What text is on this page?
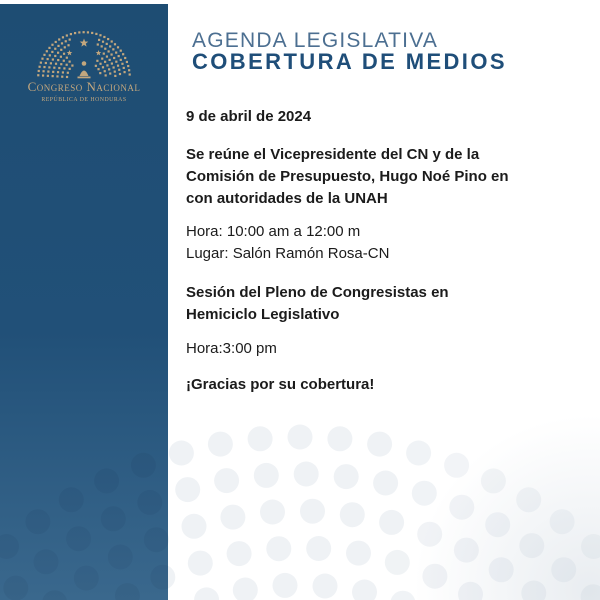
Congreso Nacional
REPÚBLICA DE HONDURAS
AGENDA LEGISLATIVA
COBERTURA DE MEDIOS
9 de abril de 2024
Se reúne el Vicepresidente del CN y de la
Comisión de Presupuesto, Hugo Noé Pino en
con autoridades de la UNAH
Hora: 10:00 am a 12:00 m
Lugar: Salón Ramón Rosa-CN
Sesión del Pleno de Congresistas en
Hemiciclo Legislativo
Hora:3:00 pm
¡Gracias por su cobertura!
